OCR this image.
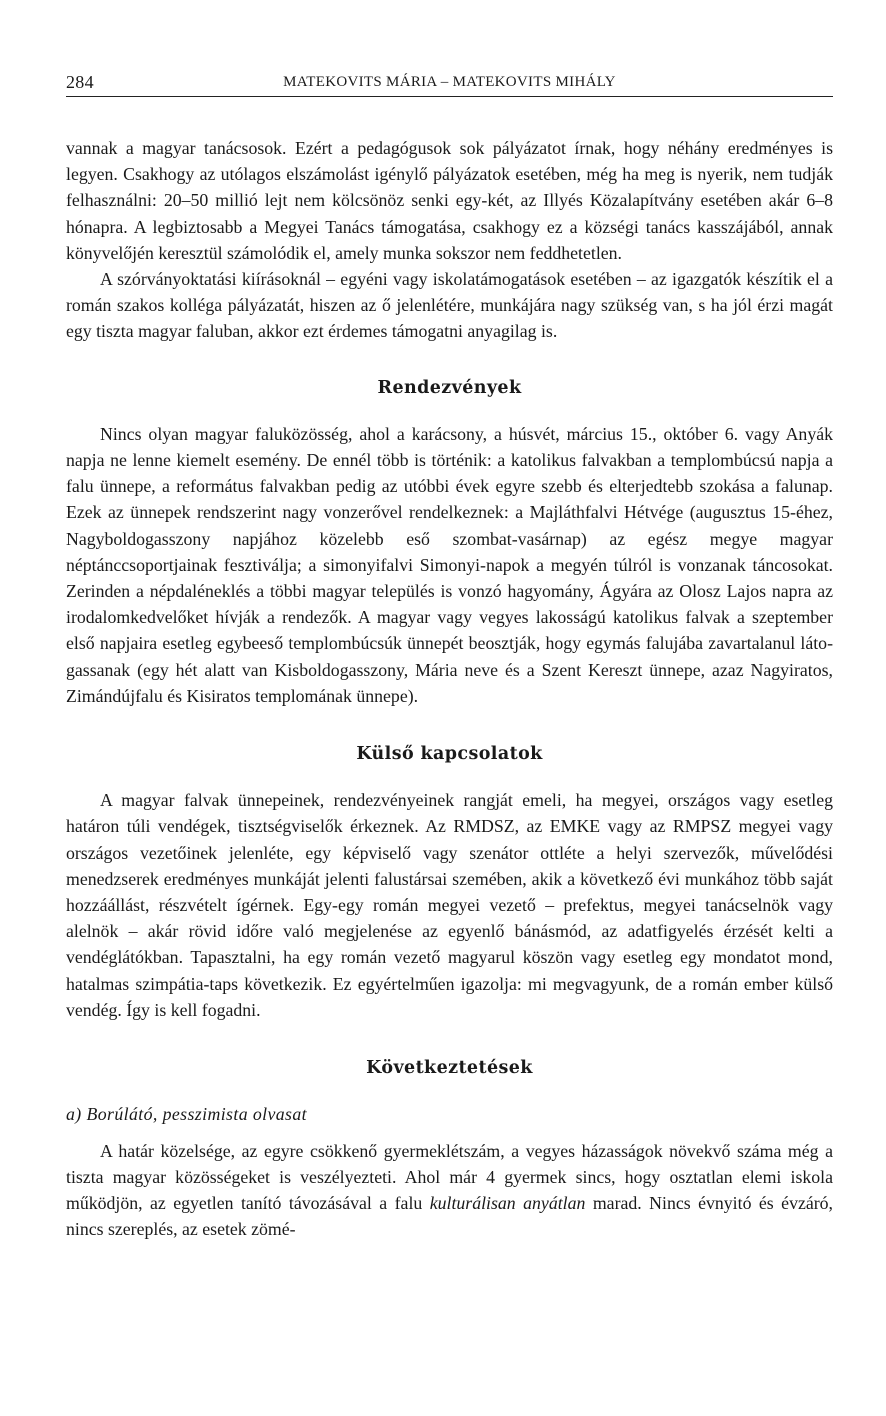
284	MATEKOVITS MÁRIA – MATEKOVITS MIHÁLY

vannak a magyar tanácsosok. Ezért a pedagógusok sok pályázatot írnak, hogy néhány eredményes is legyen. Csakhogy az utólagos elszámolást igénylő pályázatok esetében, még ha meg is nyerik, nem tudják felhasználni: 20–50 millió lejt nem kölcsönöz senki egy-két, az Illyés Közalapítvány esetében akár 6–8 hónapra. A legbiztosabb a Megyei Tanács támogatása, csakhogy ez a községi tanács kasszájából, annak könyvelőjén keresztül számolódik el, amely munka sokszor nem feddhetetlen.

A szórványoktatási kiírásoknál – egyéni vagy iskolatámogatások esetében – az igazgatók készítik el a román szakos kolléga pályázatát, hiszen az ő jelenlétére, munkájára nagy szükség van, s ha jól érzi magát egy tiszta magyar faluban, akkor ezt érdemes támogatni anyagilag is.

Rendezvények

Nincs olyan magyar faluközösség, ahol a karácsony, a húsvét, március 15., október 6. vagy Anyák napja ne lenne kiemelt esemény. De ennél több is történik: a katolikus falvakban a templombúcsú napja a falu ünnepe, a református falvakban pedig az utóbbi évek egyre szebb és elterjedtebb szokása a falunap. Ezek az ünnepek rendszerint nagy vonzerővel rendelkeznek: a Majláthfalvi Hétvége (augusztus 15-éhez, Nagyboldogasszony napjához közelebb eső szombat-vasárnap) az egész megye magyar néptánccsoportjainak fesztiválja; a simonyifalvi Simonyi-napok a megyén túlról is vonzanak táncosokat. Zerinden a népdaléneklés a többi magyar település is vonzó hagyomány, Ágyára az Olosz Lajos napra az irodalomkedvelőket hívják a rendezők. A magyar vagy vegyes lakosságú katolikus falvak a szeptember első napjaira esetleg egybeeső templombúcsúk ünnepét beosztják, hogy egymás falujába zavartalanul látogassanak (egy hét alatt van Kisboldogasszony, Mária neve és a Szent Kereszt ünnepe, azaz Nagyiratos, Zimándújfalu és Kisiratos templomának ünnepe).

Külső kapcsolatok

A magyar falvak ünnepeinek, rendezvényeinek rangját emeli, ha megyei, országos vagy esetleg határon túli vendégek, tisztségviselők érkeznek. Az RMDSZ, az EMKE vagy az RMPSZ megyei vagy országos vezetőinek jelenléte, egy képviselő vagy szenátor ottléte a helyi szervezők, művelődési menedzserek eredményes munkáját jelenti falustársai szemében, akik a következő évi munkához több saját hozzáállást, részvételt ígérnek. Egy-egy román megyei vezető – prefektus, megyei tanácselnök vagy alelnök – akár rövid időre való megjelenése az egyenlő bánásmód, az adatfigyelés érzését kelti a vendéglátókban. Tapasztalni, ha egy román vezető magyarul köszön vagy esetleg egy mondatot mond, hatalmas szimpátia-taps következik. Ez egyértelműen igazolja: mi megvagyunk, de a román ember külső vendég. Így is kell fogadni.

Következtetések
a) Borúlátó, pesszimista olvasat

A határ közelsége, az egyre csökkenő gyermeklétszám, a vegyes házasságok növekvő száma még a tiszta magyar közösségeket is veszélyezteti. Ahol már 4 gyermek sincs, hogy osztatlan elemi iskola működjön, az egyetlen tanító távozásával a falu kulturálisan anyátlan marad. Nincs évnyitó és évzáró, nincs szereplés, az esetek zömé-
